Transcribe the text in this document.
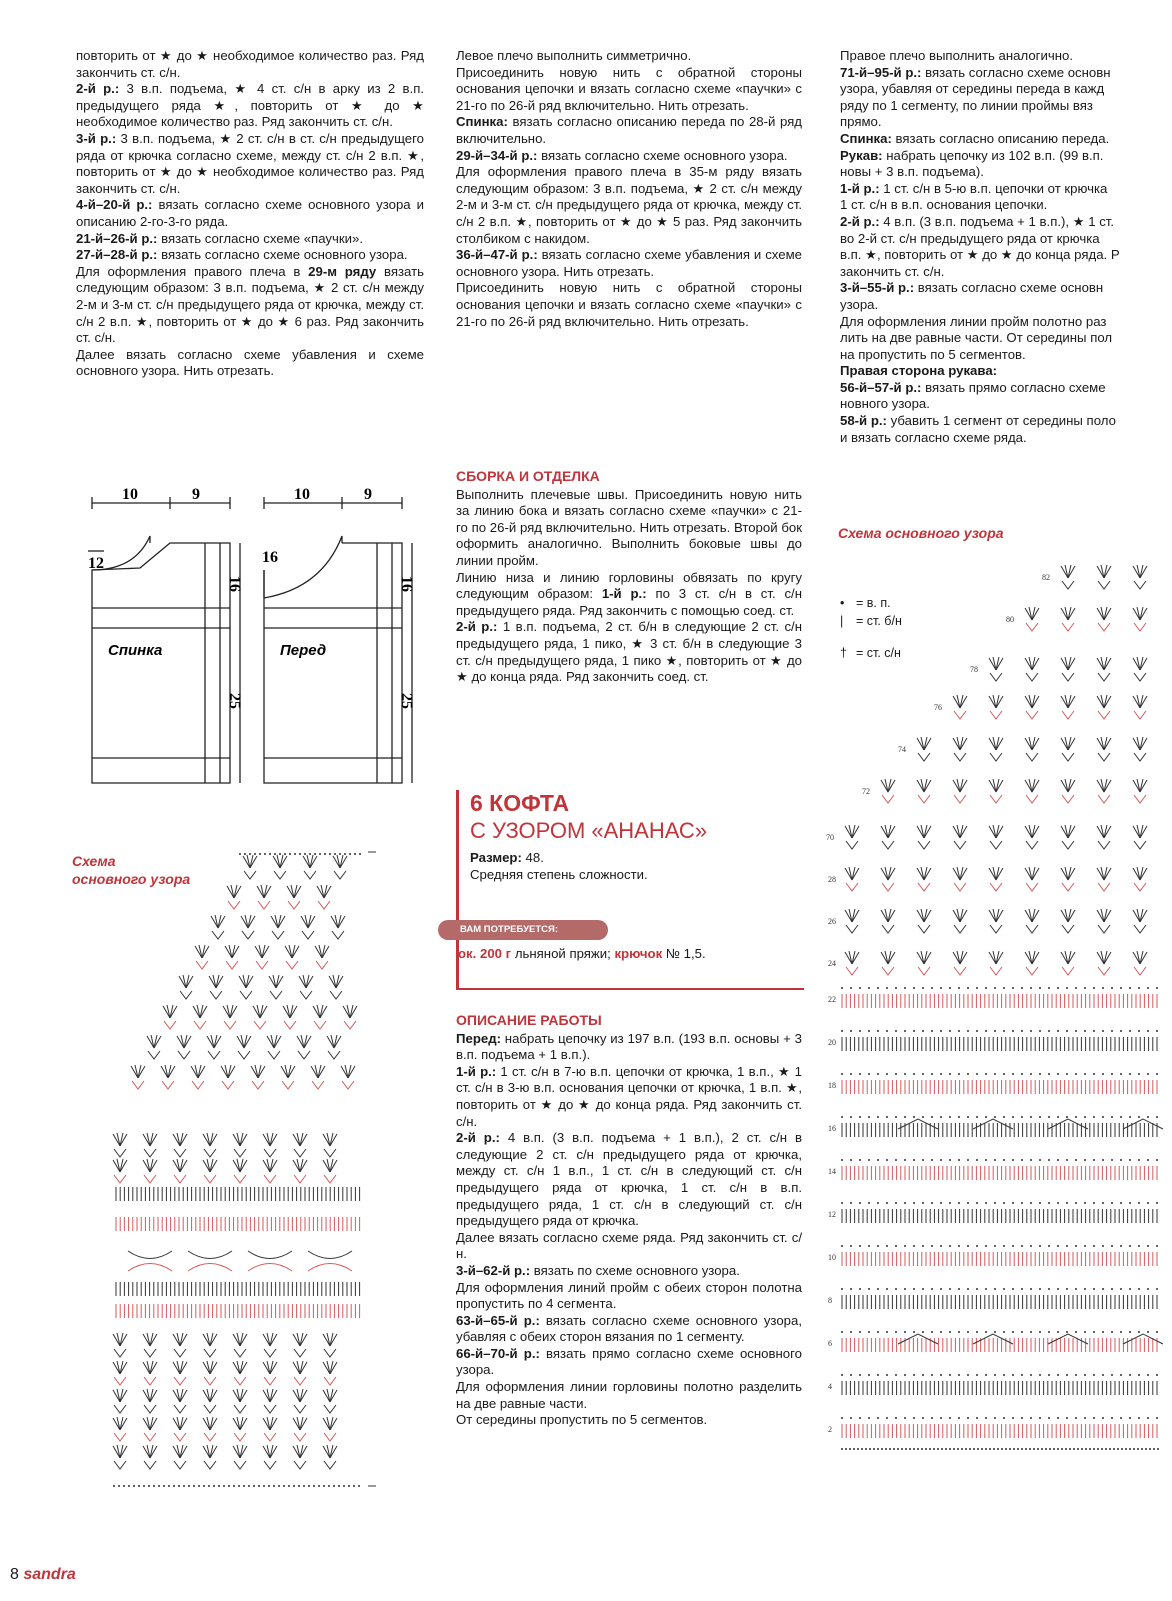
повторить от ★ до ★ необходимое количество раз. Ряд закончить ст. с/н.

2-й р.: 3 в.п. подъема, ★ 4 ст. с/н в арку из 2 в.п. предыдущего ряда ★, повторить от ★ до ★ необходимое количество раз. Ряд закончить ст. с/н.

3-й р.: 3 в.п. подъема, ★ 2 ст. с/н в ст. с/н предыдущего ряда от крючка согласно схеме, между ст. с/н 2 в.п. ★, повторить от ★ до ★ необходимое количество раз. Ряд закончить ст. с/н.

4-й–20-й р.: вязать согласно схеме основного узора и описанию 2-го-3-го ряда.

21-й–26-й р.: вязать согласно схеме «паучки».

27-й–28-й р.: вязать согласно схеме основного узора.

Для оформления правого плеча в 29-м ряду вязать следующим образом: 3 в.п. подъема, ★ 2 ст. с/н между 2-м и 3-м ст. с/н предыдущего ряда от крючка, между ст. с/н 2 в.п. ★, повторить от ★ до ★ 6 раз. Ряд закончить ст. с/н.

Далее вязать согласно схеме убавления и схеме основного узора. Нить отрезать.

Левое плечо выполнить симметрично.

Присоединить новую нить с обратной стороны основания цепочки и вязать согласно схеме «паучки» с 21-го по 26-й ряд включительно. Нить отрезать.

Спинка: вязать согласно описанию переда по 28-й ряд включительно.

29-й–34-й р.: вязать согласно схеме основного узора.

Для оформления правого плеча в 35-м ряду вязать следующим образом: 3 в.п. подъема, ★ 2 ст. с/н между 2-м и 3-м ст. с/н предыдущего ряда от крючка, между ст. с/н 2 в.п. ★, повторить от ★ до ★ 5 раз. Ряд закончить столбиком с накидом.

36-й–47-й р.: вязать согласно схеме убавления и схеме основного узора. Нить отрезать.

Присоединить новую нить с обратной стороны основания цепочки и вязать согласно схеме «паучки» с 21-го по 26-й ряд включительно. Нить отрезать.

СБОРКА И ОТДЕЛКА

Выполнить плечевые швы. Присоединить новую нить за линию бока и вязать согласно схеме «паучки» с 21-го по 26-й ряд включительно. Нить отрезать. Второй бок оформить аналогично. Выполнить боковые швы до линии пройм.

Линию низа и линию горловины обвязать по кругу следующим образом: 1-й р.: по 3 ст. с/н в ст. с/н предыдущего ряда. Ряд закончить с помощью соед. ст.

2-й р.: 1 в.п. подъема, 2 ст. б/н в следующие 2 ст. с/н предыдущего ряда, 1 пико, ★ 3 ст. б/н в следующие 3 ст. с/н предыдущего ряда, 1 пико ★, повторить от ★ до ★ до конца ряда. Ряд закончить соед. ст.

6 КОФТА
С УЗОРОМ «АНАНАС»

Размер: 48.

Средняя степень сложности.

ВАМ ПОТРЕБУЕТСЯ:

ок. 200 г льняной пряжи; крючок № 1,5.

ОПИСАНИЕ РАБОТЫ

Перед: набрать цепочку из 197 в.п. (193 в.п. основы + 3 в.п. подъема + 1 в.п.).

1-й р.: 1 ст. с/н в 7-ю в.п. цепочки от крючка, 1 в.п., ★ 1 ст. с/н в 3-ю в.п. основания цепочки от крючка, 1 в.п. ★, повторить от ★ до ★ до конца ряда. Ряд закончить ст. с/н.

2-й р.: 4 в.п. (3 в.п. подъема + 1 в.п.), 2 ст. с/н в следующие 2 ст. с/н предыдущего ряда от крючка, между ст. с/н 1 в.п., 1 ст. с/н в следующий ст. с/н предыдущего ряда от крючка, 1 ст. с/н в в.п. предыдущего ряда, 1 ст. с/н в следующий ст. с/н предыдущего ряда от крючка.

Далее вязать согласно схеме ряда. Ряд закончить ст. с/н.

3-й–62-й р.: вязать по схеме основного узора.

Для оформления линий пройм с обеих сторон полотна пропустить по 4 сегмента.

63-й–65-й р.: вязать согласно схеме основного узора, убавляя с обеих сторон вязания по 1 сегменту.

66-й–70-й р.: вязать прямо согласно схеме основного узора.

Для оформления линии горловины полотно разделить на две равные части.

От середины пропустить по 5 сегментов.

Правое плечо выполнить аналогично.

71-й–95-й р.: вязать согласно схеме основн

узора, убавляя от середины переда в кажд

ряду по 1 сегменту, по линии проймы вяз

прямо.

Спинка: вязать согласно описанию переда.

Рукав: набрать цепочку из 102 в.п. (99 в.п.

новы + 3 в.п. подъема).

1-й р.: 1 ст. с/н в 5-ю в.п. цепочки от крючка

1 ст. с/н в в.п. основания цепочки.

2-й р.: 4 в.п. (3 в.п. подъема + 1 в.п.), ★ 1 ст.

во 2-й ст. с/н предыдущего ряда от крючка

в.п. ★, повторить от ★ до ★ до конца ряда. Р

закончить ст. с/н.

3-й–55-й р.: вязать согласно схеме основн

узора.

Для оформления линии пройм полотно раз

лить на две равные части. От середины пол

на пропустить по 5 сегментов.

Правая сторона рукава:

56-й–57-й р.: вязать прямо согласно схеме

новного узора.

58-й р.: убавить 1 сегмент от середины поло

и вязать согласно схеме ряда.

10	9
12
16
25
Спинка
10	9
16
16
25
Перед
Схема
основного узора
Схема основного узора
• = в. п.
| = ст. б/н
† = ст. с/н
82
80
78
76
74
72
70
28
26
24
22
20
18
16
14
12
10
8
6
4
2
8 sandra
